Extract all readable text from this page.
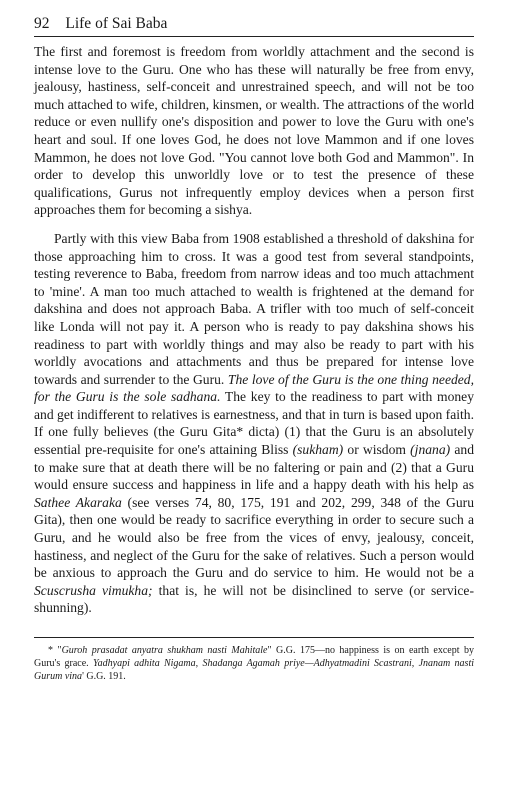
92 Life of Sai Baba

The first and foremost is freedom from worldly attachment and the second is intense love to the Guru. One who has these will naturally be free from envy, jealousy, hastiness, self-conceit and unrestrained speech, and will not be too much attached to wife, children, kinsmen, or wealth. The attractions of the world reduce or even nullify one's disposition and power to love the Guru with one's heart and soul. If one loves God, he does not love Mammon and if one loves Mammon, he does not love God. "You cannot love both God and Mammon". In order to develop this unworldly love or to test the presence of these qualifications, Gurus not infrequently employ devices when a person first approaches them for becoming a sishya.

Partly with this view Baba from 1908 established a threshold of dakshina for those approaching him to cross. It was a good test from several standpoints, testing reverence to Baba, freedom from narrow ideas and too much attachment to 'mine'. A man too much attached to wealth is frightened at the demand for dakshina and does not approach Baba. A trifler with too much of self-conceit like Londa will not pay it. A person who is ready to pay dakshina shows his readiness to part with worldly things and may also be ready to part with his worldly avocations and attachments and thus be prepared for intense love towards and surrender to the Guru. The love of the Guru is the one thing needed, for the Guru is the sole sadhana. The key to the readiness to part with money and get indifferent to relatives is earnestness, and that in turn is based upon faith. If one fully believes (the Guru Gita* dicta) (1) that the Guru is an absolutely essential pre-requisite for one's attaining Bliss (sukham) or wisdom (jnana) and to make sure that at death there will be no faltering or pain and (2) that a Guru would ensure success and happiness in life and a happy death with his help as Sathee Akaraka (see verses 74, 80, 175, 191 and 202, 299, 348 of the Guru Gita), then one would be ready to sacrifice everything in order to secure such a Guru, and he would also be free from the vices of envy, jealousy, conceit, hastiness, and neglect of the Guru for the sake of relatives. Such a person would be anxious to approach the Guru and do service to him. He would not be a Scuscrusha vimukha; that is, he will not be disinclined to serve (or service-shunning).

* "Guroh prasadat anyatra shukham nasti Mahitale" G.G. 175—no happiness is on earth except by Guru's grace. Yadhyapi adhita Nigama, Shadanga Agamah priye—Adhyatmadini Scastrani, Jnanam nasti Gurum vina' G.G. 191.
